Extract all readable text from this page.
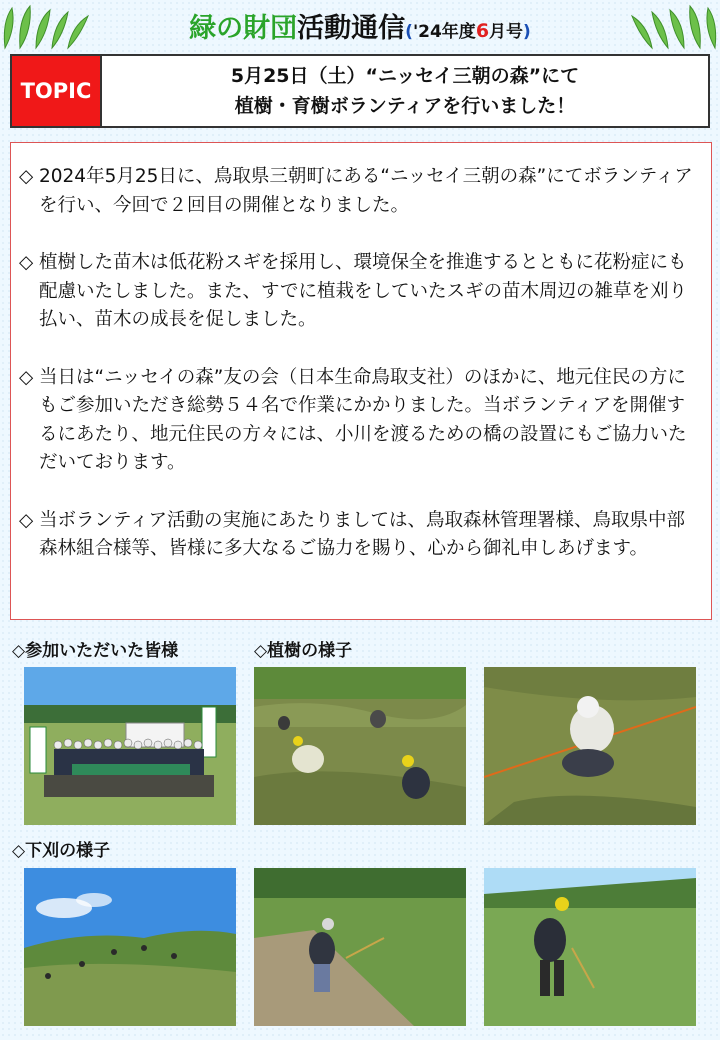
緑の財団活動通信('24年度6月号)
TOPIC
5月25日（土）“ニッセイ三朝の森”にて
植樹・育樹ボランティアを行いました！

◇ 2024年5月25日に、鳥取県三朝町にある“ニッセイ三朝の森”にてボランティアを行い、今回で２回目の開催となりました。

◇ 植樹した苗木は低花粉スギを採用し、環境保全を推進するとともに花粉症にも配慮いたしました。また、すでに植栽をしていたスギの苗木周辺の雑草を刈り払い、苗木の成長を促しました。

◇ 当日は“ニッセイの森”友の会（日本生命鳥取支社）のほかに、地元住民の方にもご参加いただき総勢５４名で作業にかかりました。当ボランティアを開催するにあたり、地元住民の方々には、小川を渡るための橋の設置にもご協力いただいております。

◇ 当ボランティア活動の実施にあたりましては、鳥取森林管理署様、鳥取県中部森林組合様等、皆様に多大なるご協力を賜り、心から御礼申しあげます。

◇参加いただいた皆様	◇植樹の様子
◇下刈の様子
